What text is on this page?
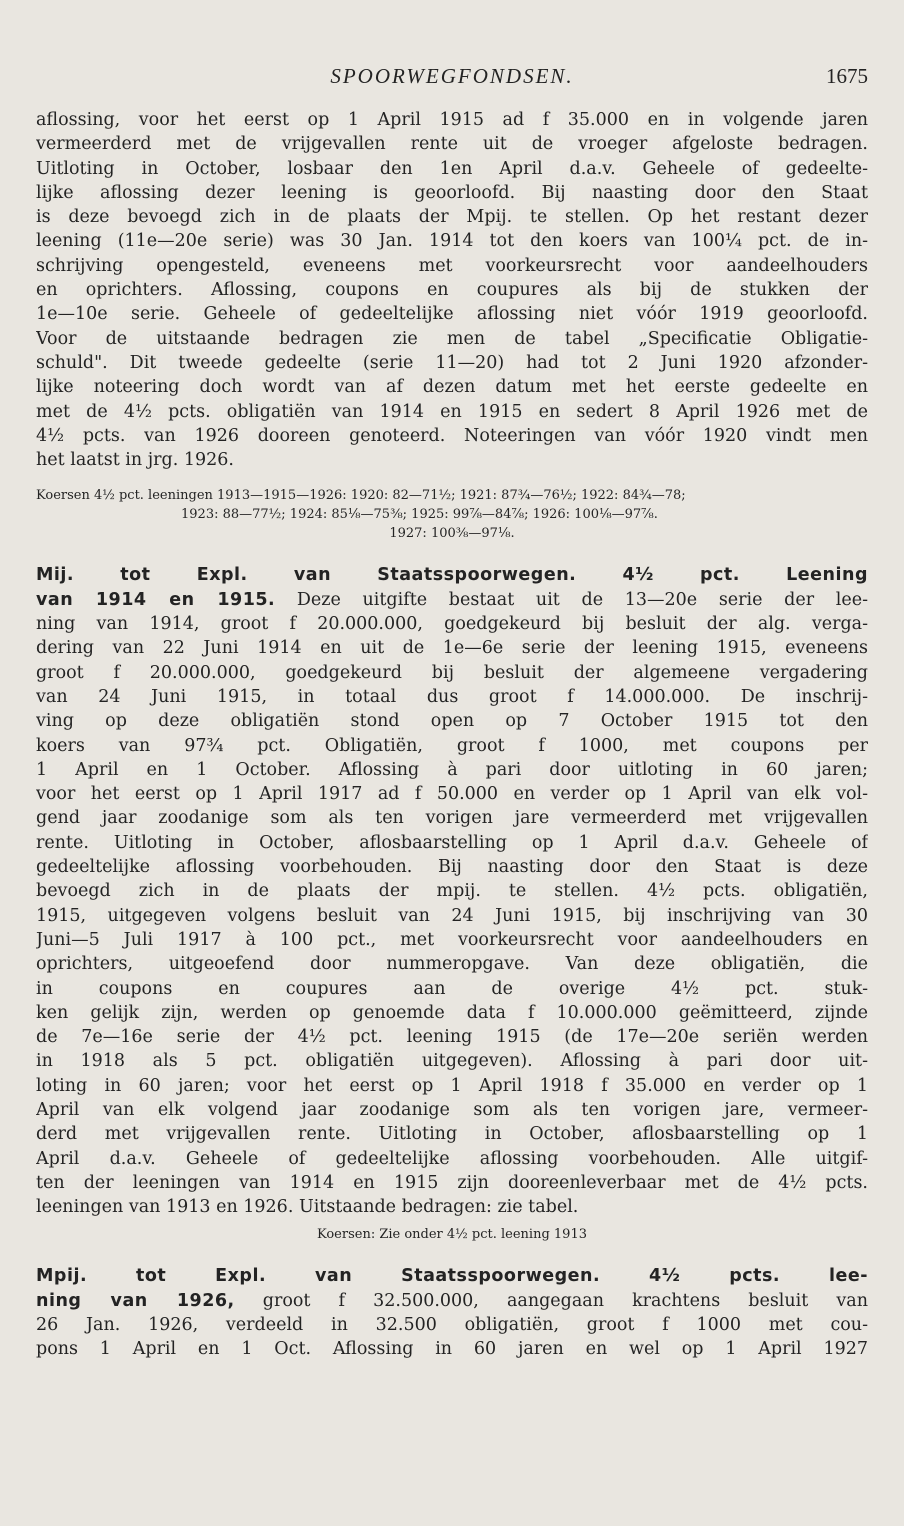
SPOORWEGFONDSEN.	1675
aflossing, voor het eerst op 1 April 1915 ad f 35.000 en in volgende jaren
vermeerderd met de vrijgevallen rente uit de vroeger afgeloste bedragen.
Uitloting in October, losbaar den 1en April d.a.v. Geheele of gedeelte-
lijke aflossing dezer leening is geoorloofd. Bij naasting door den Staat
is deze bevoegd zich in de plaats der Mpij. te stellen. Op het restant dezer
leening (11e—20e serie) was 30 Jan. 1914 tot den koers van 100¼ pct. de in-
schrijving opengesteld, eveneens met voorkeursrecht voor aandeelhouders
en oprichters. Aflossing, coupons en coupures als bij de stukken der
1e—10e serie. Geheele of gedeeltelijke aflossing niet vóór 1919 geoorloofd.
Voor de uitstaande bedragen zie men de tabel „Specificatie Obligatie-
schuld". Dit tweede gedeelte (serie 11—20) had tot 2 Juni 1920 afzonder-
lijke noteering doch wordt van af dezen datum met het eerste gedeelte en
met de 4½ pcts. obligatiën van 1914 en 1915 en sedert 8 April 1926 met de
4½ pcts. van 1926 dooreen genoteerd. Noteeringen van vóór 1920 vindt men
het laatst in jrg. 1926.
Koersen 4½ pct. leeningen 1913—1915—1926: 1920: 82—71½; 1921: 87¾—76½; 1922: 84¾—78;
1923: 88—77½; 1924: 85⅛—75⅜; 1925: 99⅞—84⅞; 1926: 100⅛—97⅞.
1927: 100⅜—97⅛.
Mij. tot Expl. van Staatsspoorwegen. 4½ pct. Leening
van 1914 en 1915. Deze uitgifte bestaat uit de 13—20e serie der lee-
ning van 1914, groot f 20.000.000, goedgekeurd bij besluit der alg. verga-
dering van 22 Juni 1914 en uit de 1e—6e serie der leening 1915, eveneens
groot f 20.000.000, goedgekeurd bij besluit der algemeene vergadering
van 24 Juni 1915, in totaal dus groot f 14.000.000. De inschrij-
ving op deze obligatiën stond open op 7 October 1915 tot den
koers van 97¾ pct. Obligatiën, groot f 1000, met coupons per
1 April en 1 October. Aflossing à pari door uitloting in 60 jaren;
voor het eerst op 1 April 1917 ad f 50.000 en verder op 1 April van elk vol-
gend jaar zoodanige som als ten vorigen jare vermeerderd met vrijgevallen
rente. Uitloting in October, aflosbaarstelling op 1 April d.a.v. Geheele of
gedeeltelijke aflossing voorbehouden. Bij naasting door den Staat is deze
bevoegd zich in de plaats der mpij. te stellen. 4½ pcts. obligatiën,
1915, uitgegeven volgens besluit van 24 Juni 1915, bij inschrijving van 30
Juni—5 Juli 1917 à 100 pct., met voorkeursrecht voor aandeelhouders en
oprichters, uitgeoefend door nummeropgave. Van deze obligatiën, die
in coupons en coupures aan de overige 4½ pct. stuk-
ken gelijk zijn, werden op genoemde data f 10.000.000 geëmitteerd, zijnde
de 7e—16e serie der 4½ pct. leening 1915 (de 17e—20e seriën werden
in 1918 als 5 pct. obligatiën uitgegeven). Aflossing à pari door uit-
loting in 60 jaren; voor het eerst op 1 April 1918 f 35.000 en verder op 1
April van elk volgend jaar zoodanige som als ten vorigen jare, vermeer-
derd met vrijgevallen rente. Uitloting in October, aflosbaarstelling op 1
April d.a.v. Geheele of gedeeltelijke aflossing voorbehouden. Alle uitgif-
ten der leeningen van 1914 en 1915 zijn dooreenleverbaar met de 4½ pcts.
leeningen van 1913 en 1926. Uitstaande bedragen: zie tabel.
Koersen: Zie onder 4½ pct. leening 1913
Mpij. tot Expl. van Staatsspoorwegen. 4½ pcts. lee-
ning van 1926, groot f 32.500.000, aangegaan krachtens besluit van
26 Jan. 1926, verdeeld in 32.500 obligatiën, groot f 1000 met cou-
pons 1 April en 1 Oct. Aflossing in 60 jaren en wel op 1 April 1927
